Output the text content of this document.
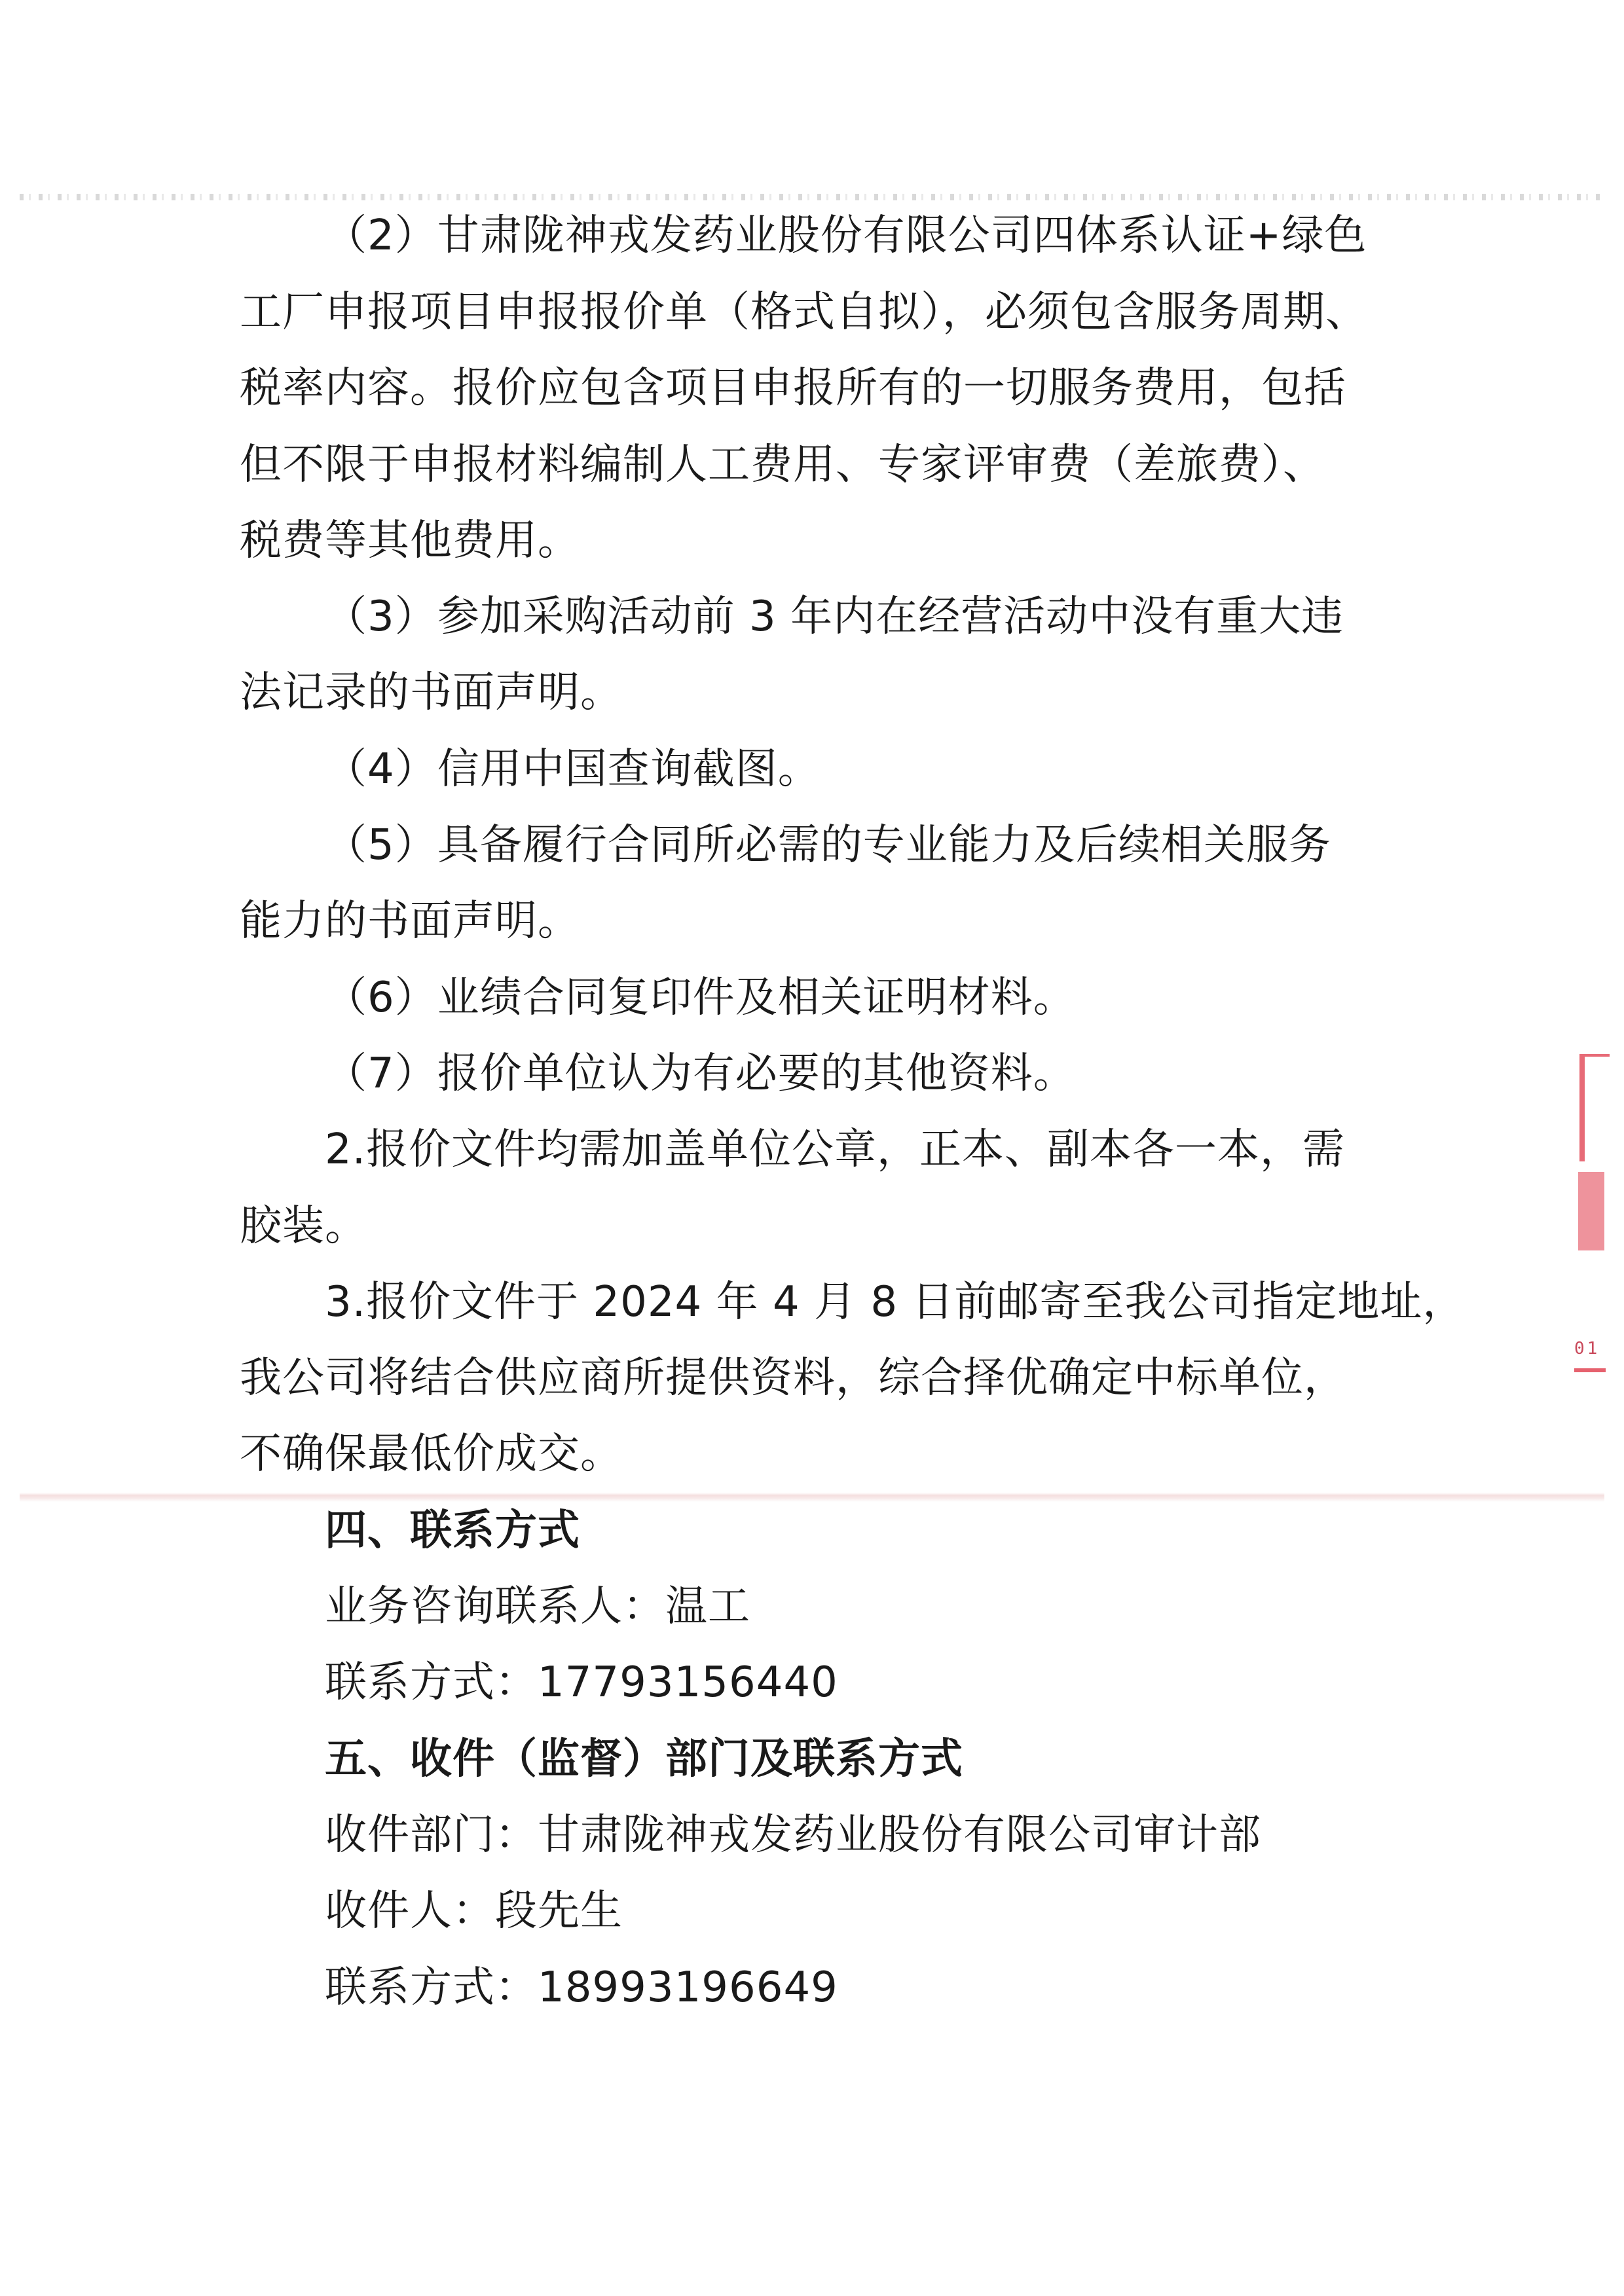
（2）甘肃陇神戎发药业股份有限公司四体系认证+绿色
工厂申报项目申报报价单（格式自拟），必须包含服务周期、
税率内容。报价应包含项目申报所有的一切服务费用，包括
但不限于申报材料编制人工费用、专家评审费（差旅费）、
税费等其他费用。
（3）参加采购活动前 3 年内在经营活动中没有重大违
法记录的书面声明。
（4）信用中国查询截图。
（5）具备履行合同所必需的专业能力及后续相关服务
能力的书面声明。
（6）业绩合同复印件及相关证明材料。
（7）报价单位认为有必要的其他资料。
2.报价文件均需加盖单位公章，正本、副本各一本，需
胶装。
3.报价文件于 2024 年 4 月 8 日前邮寄至我公司指定地址，
我公司将结合供应商所提供资料，综合择优确定中标单位，
不确保最低价成交。
四、联系方式
业务咨询联系人：温工
联系方式：17793156440
五、收件（监督）部门及联系方式
收件部门：甘肃陇神戎发药业股份有限公司审计部
收件人：段先生
联系方式：18993196649
01
